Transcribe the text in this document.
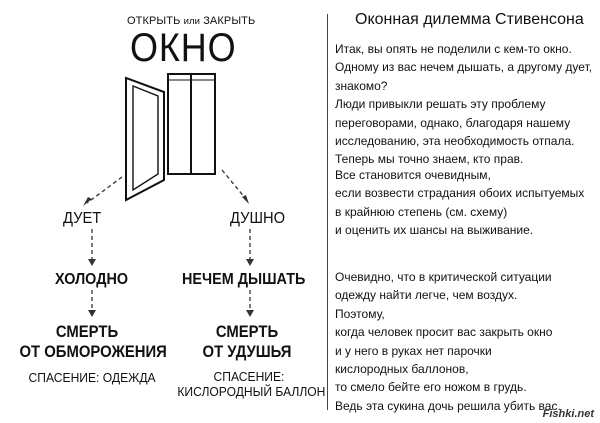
ОТКРЫТЬ или ЗАКРЫТЬ
ОКНО
ДУЕТ	ДУШНО
ХОЛОДНО	НЕЧЕМ ДЫШАТЬ
СМЕРТЬ
ОТ ОБМОРОЖЕНИЯ
СМЕРТЬ
ОТ УДУШЬЯ
СПАСЕНИЕ: ОДЕЖДА	СПАСЕНИЕ:
КИСЛОРОДНЫЙ БАЛЛОН
Оконная дилемма Стивенсона
Итак, вы опять не поделили с кем-то окно.
Одному из вас нечем дышать, а другому дует,
знакомо?
Люди привыкли решать эту проблему
переговорами, однако, благодаря нашему
исследованию, эта необходимость отпала.
Теперь мы точно знаем, кто прав.
Все становится очевидным,
если возвести страдания обоих испытуемых
в крайнюю степень (см. схему)
и оценить их шансы на выживание.
Очевидно, что в критической ситуации
одежду найти легче, чем воздух.
Поэтому,
когда человек просит вас закрыть окно
и у него в руках нет парочки
кислородных баллонов,
то смело бейте его ножом в грудь.
Ведь эта сукина дочь решила убить вас.
Fishki.net
